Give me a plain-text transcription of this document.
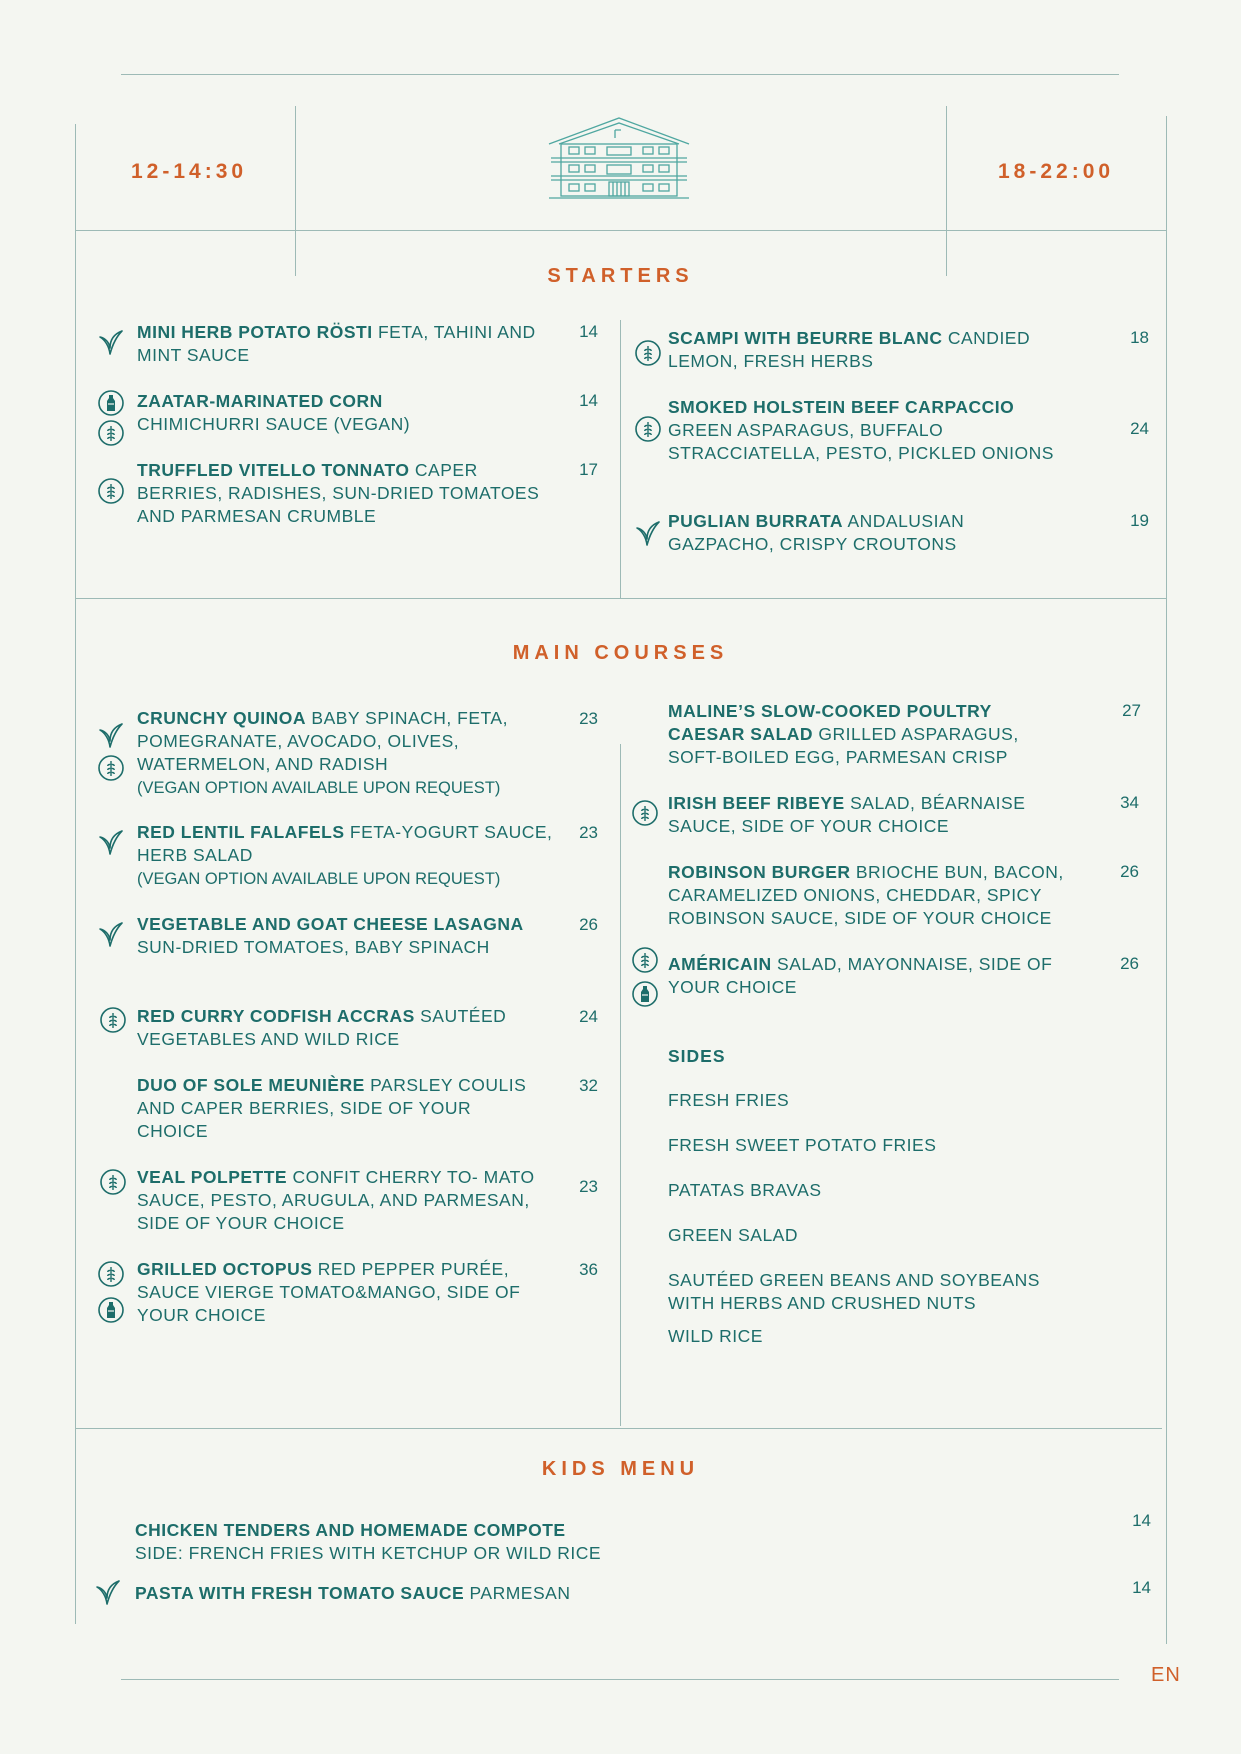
12-14:30	18-22:00
STARTERS
MINI HERB POTATO RÖSTI FETA, TAHINI AND MINT SAUCE
14
ZAATAR-MARINATED CORN
CHIMICHURRI SAUCE (VEGAN)
14
TRUFFLED VITELLO TONNATO CAPER BERRIES, RADISHES, SUN-DRIED TOMATOES AND PARMESAN CRUMBLE
17
SCAMPI WITH BEURRE BLANC CANDIED LEMON, FRESH HERBS
18
SMOKED HOLSTEIN BEEF CARPACCIO
GREEN ASPARAGUS, BUFFALO STRACCIATELLA, PESTO, PICKLED ONIONS
24
PUGLIAN BURRATA ANDALUSIAN GAZPACHO, CRISPY CROUTONS
19
MAIN COURSES
CRUNCHY QUINOA BABY SPINACH, FETA, POMEGRANATE, AVOCADO, OLIVES, WATERMELON, AND RADISH
(VEGAN OPTION AVAILABLE UPON REQUEST)
23
RED LENTIL FALAFELS FETA-YOGURT SAUCE, HERB SALAD
(VEGAN OPTION AVAILABLE UPON REQUEST)
23
VEGETABLE AND GOAT CHEESE LASAGNA SUN-DRIED TOMATOES, BABY SPINACH
26
RED CURRY CODFISH ACCRAS SAUTÉED VEGETABLES AND WILD RICE
24
DUO OF SOLE MEUNIÈRE PARSLEY COULIS AND CAPER BERRIES, SIDE OF YOUR CHOICE
32
VEAL POLPETTE CONFIT CHERRY TO- MATO SAUCE, PESTO, ARUGULA, AND PARMESAN, SIDE OF YOUR CHOICE
23
GRILLED OCTOPUS RED PEPPER PURÉE, SAUCE VIERGE TOMATO&MANGO, SIDE OF YOUR CHOICE
36
MALINE’S SLOW-COOKED POULTRY CAESAR SALAD GRILLED ASPARAGUS, SOFT-BOILED EGG, PARMESAN CRISP
27
IRISH BEEF RIBEYE SALAD, BÉARNAISE SAUCE, SIDE OF YOUR CHOICE
34
ROBINSON BURGER BRIOCHE BUN, BACON, CARAMELIZED ONIONS, CHEDDAR, SPICY ROBINSON SAUCE, SIDE OF YOUR CHOICE
26
AMÉRICAIN SALAD, MAYONNAISE, SIDE OF YOUR CHOICE
26
SIDES
FRESH FRIES
FRESH SWEET POTATO FRIES
PATATAS BRAVAS
GREEN SALAD
SAUTÉED GREEN BEANS AND SOYBEANS WITH HERBS AND CRUSHED NUTS
WILD RICE
KIDS MENU
CHICKEN TENDERS AND HOMEMADE COMPOTE
SIDE: FRENCH FRIES WITH KETCHUP OR WILD RICE
14
PASTA WITH FRESH TOMATO SAUCE PARMESAN	14
EN
